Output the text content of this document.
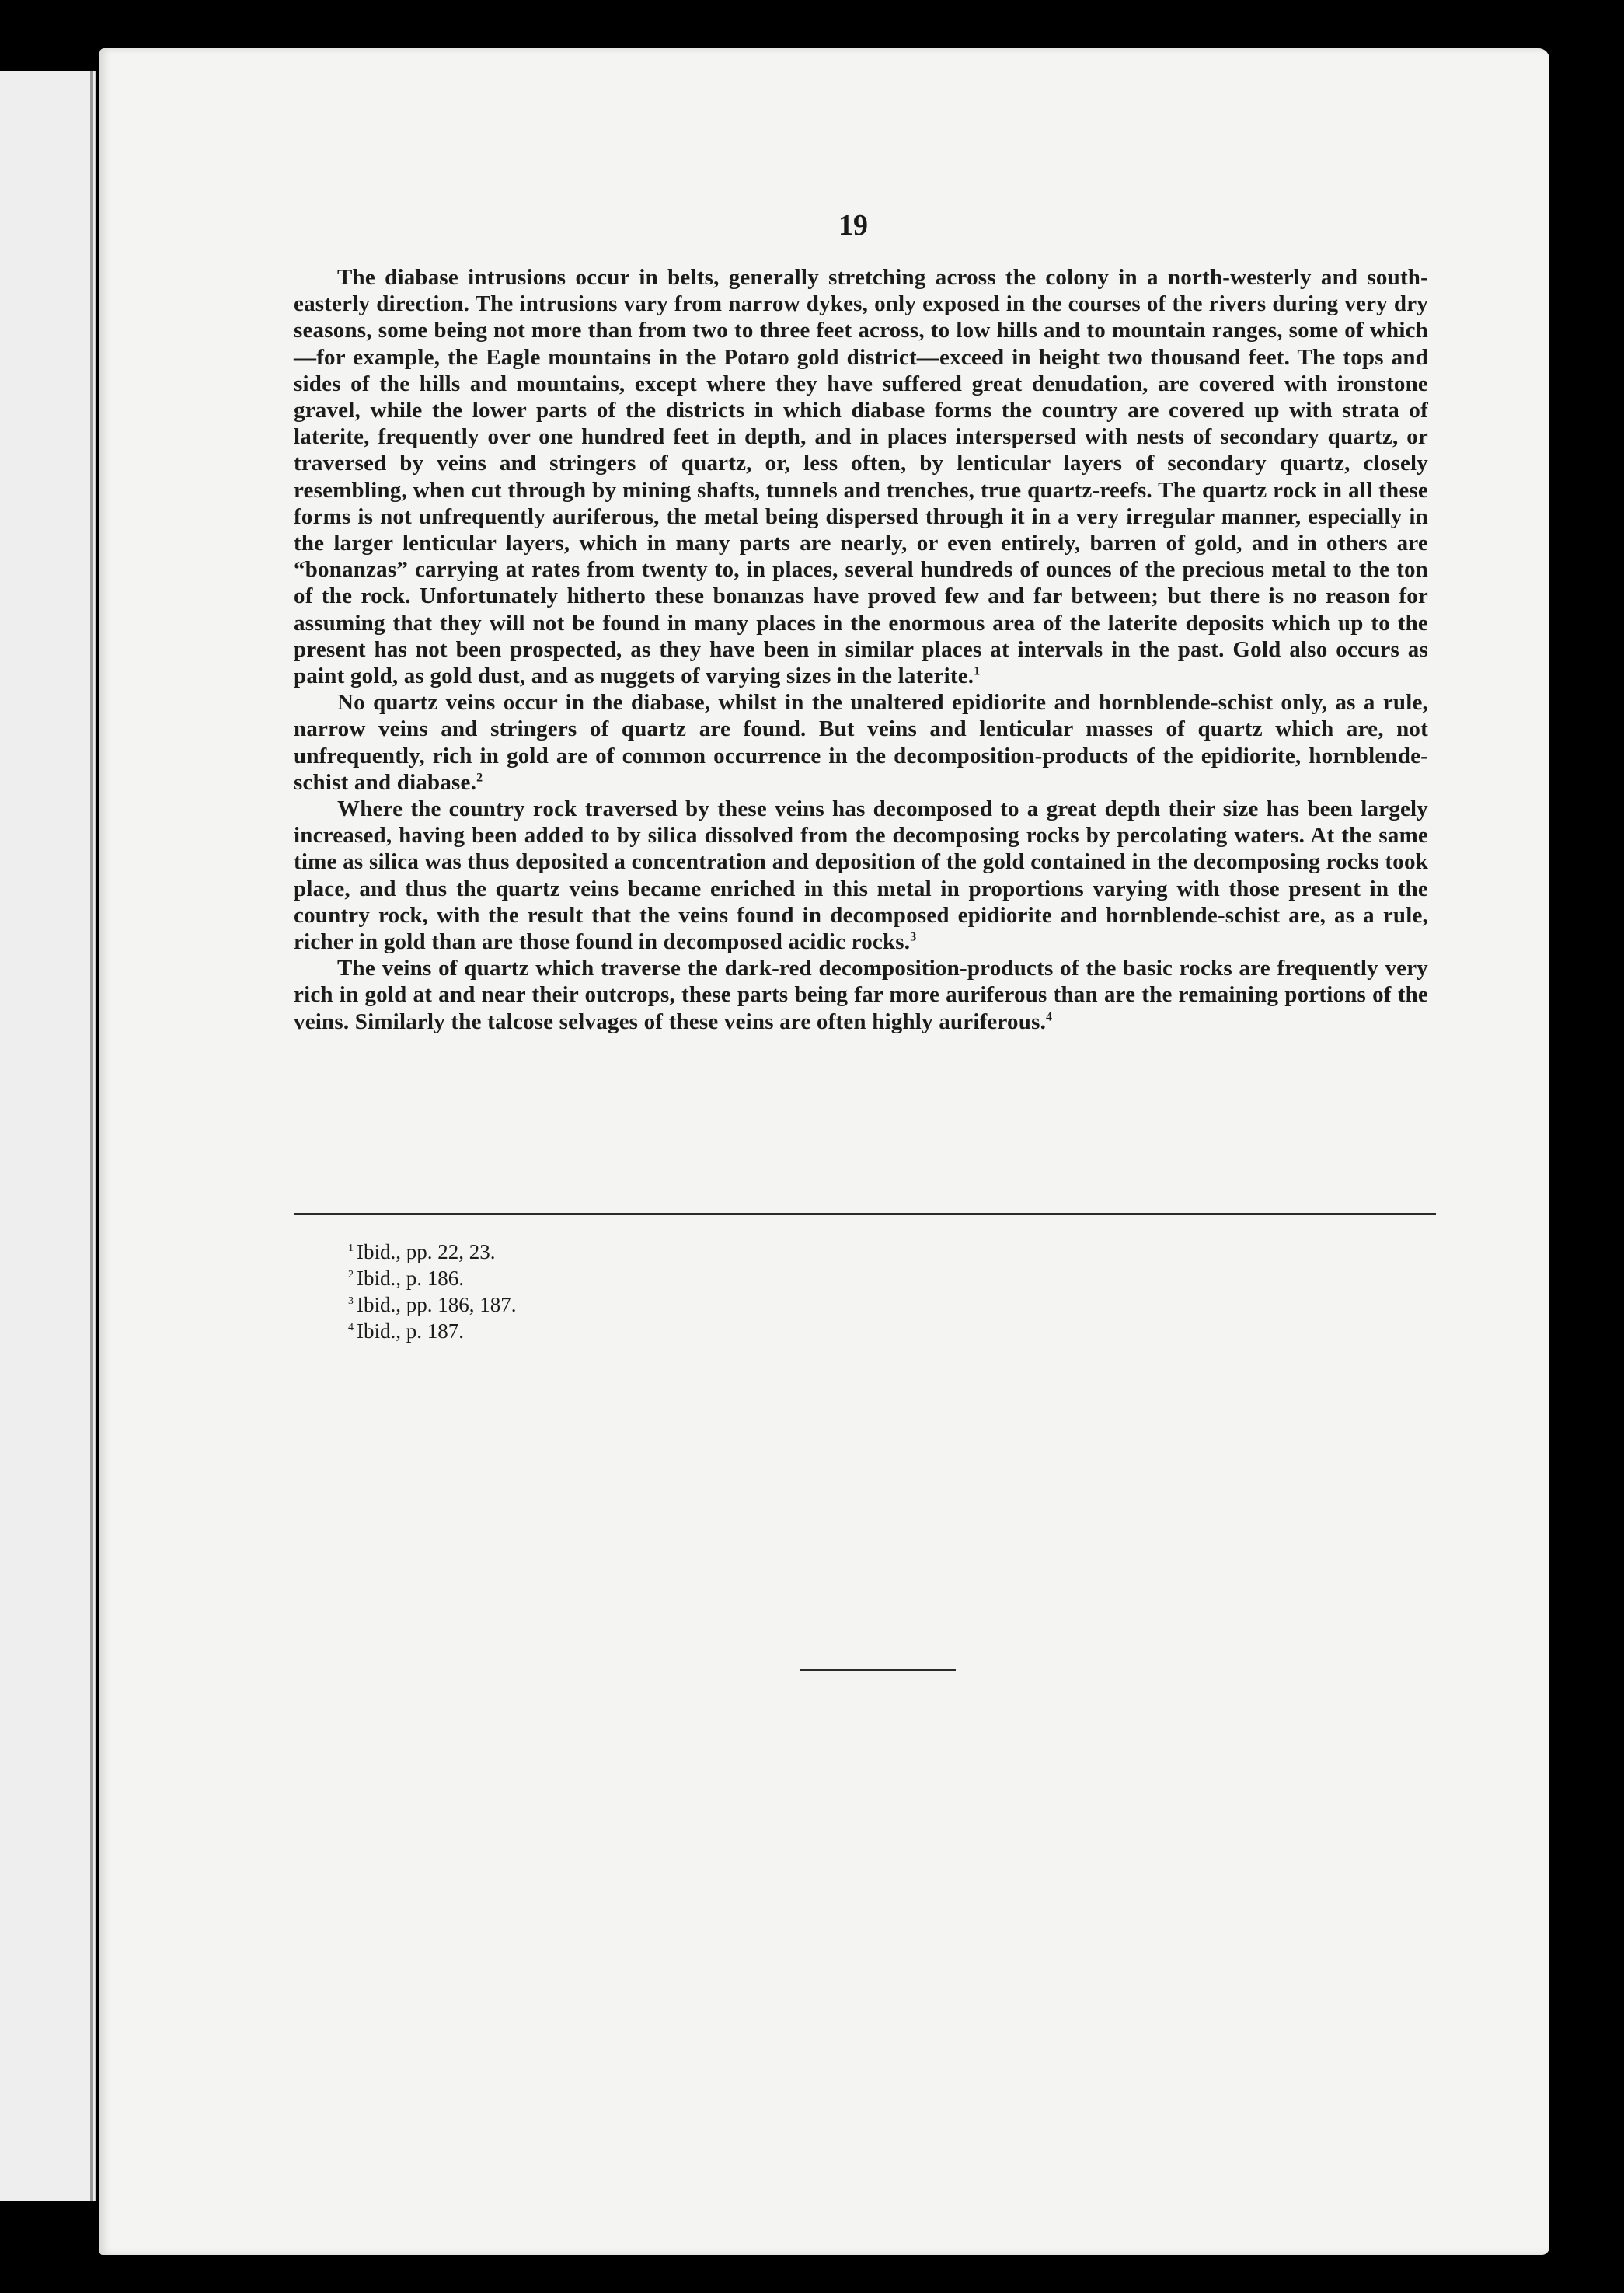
19

The diabase intrusions occur in belts, generally stretching across the colony in a north-westerly and south-easterly direction. The intrusions vary from narrow dykes, only exposed in the courses of the rivers during very dry seasons, some being not more than from two to three feet across, to low hills and to mountain ranges, some of which—for example, the Eagle mountains in the Potaro gold district—exceed in height two thousand feet. The tops and sides of the hills and mountains, except where they have suffered great denudation, are covered with ironstone gravel, while the lower parts of the districts in which diabase forms the country are covered up with strata of laterite, frequently over one hundred feet in depth, and in places interspersed with nests of secondary quartz, or traversed by veins and stringers of quartz, or, less often, by lenticular layers of secondary quartz, closely resembling, when cut through by mining shafts, tunnels and trenches, true quartz-reefs. The quartz rock in all these forms is not unfrequently auriferous, the metal being dispersed through it in a very irregular manner, especially in the larger lenticular layers, which in many parts are nearly, or even entirely, barren of gold, and in others are “bonanzas” carrying at rates from twenty to, in places, several hundreds of ounces of the precious metal to the ton of the rock. Unfortunately hitherto these bonanzas have proved few and far between; but there is no reason for assuming that they will not be found in many places in the enormous area of the laterite deposits which up to the present has not been prospected, as they have been in similar places at intervals in the past. Gold also occurs as paint gold, as gold dust, and as nuggets of varying sizes in the laterite.$^1$

No quartz veins occur in the diabase, whilst in the unaltered epidiorite and hornblende-schist only, as a rule, narrow veins and stringers of quartz are found. But veins and lenticular masses of quartz which are, not unfrequently, rich in gold are of common occurrence in the decomposition-products of the epidiorite, hornblende-schist and diabase.$^2$

Where the country rock traversed by these veins has decomposed to a great depth their size has been largely increased, having been added to by silica dissolved from the decomposing rocks by percolating waters. At the same time as silica was thus deposited a concentration and deposition of the gold contained in the decomposing rocks took place, and thus the quartz veins became enriched in this metal in proportions varying with those present in the country rock, with the result that the veins found in decomposed epidiorite and hornblende-schist are, as a rule, richer in gold than are those found in decomposed acidic rocks.$^3$

The veins of quartz which traverse the dark-red decomposition-products of the basic rocks are frequently very rich in gold at and near their outcrops, these parts being far more auriferous than are the remaining portions of the veins. Similarly the talcose selvages of these veins are often highly auriferous.$^4$

$^1$ Ibid., pp. 22, 23.
$^2$ Ibid., p. 186.
$^3$ Ibid., pp. 186, 187.
$^4$ Ibid., p. 187.
